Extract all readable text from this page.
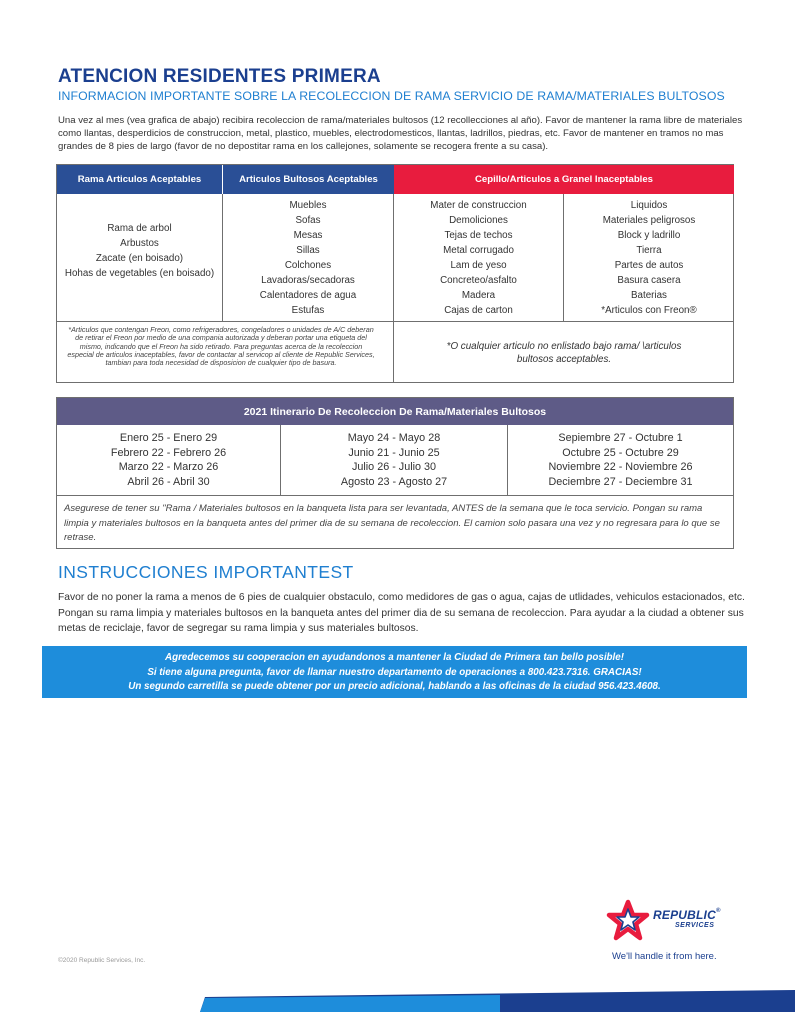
ATENCION RESIDENTES PRIMERA
INFORMACION IMPORTANTE SOBRE LA RECOLECCION DE RAMA SERVICIO DE RAMA/MATERIALES BULTOSOS

Una vez al mes (vea grafica de abajo) recibira recoleccion de rama/materiales bultosos (12 recollecciones al año). Favor de mantener la rama libre de materiales como llantas, desperdicios de construccion, metal, plastico, muebles, electrodomesticos, llantas, ladrillos, piedras, etc. Favor de mantener en tramos no mas grandes de 8 pies de largo (favor de no depostitar rama en los callejones, solamente se recogera frente a su casa).

Rama Articulos Aceptables	Articulos Bultosos Aceptables	Cepillo/Articulos a Granel Inaceptables
Rama de arbol
Arbustos
Zacate (en boisado)
Hohas de vegetables (en boisado)
Muebles
Sofas
Mesas
Sillas
Colchones
Lavadoras/secadoras
Calentadores de agua
Estufas
Mater de construccion
Demoliciones
Tejas de techos
Metal corrugado
Lam de yeso
Concreteo/asfalto
Madera
Cajas de carton
Liquidos
Materiales peligrosos
Block y ladrillo
Tierra
Partes de autos
Basura casera
Baterias
*Articulos con Freon®
*Articulos que contengan Freon, como refrigeradores, congeladores o unidades de A/C deberan de retirar el Freon por medio de una compania autorizada y deberan portar una etiqueta del mismo, indicando que el Freon ha sido retirado. Para preguntas acerca de la recoleccion especial de articulos inaceptables, favor de contactar al servicop al cliente de Republic Services, tambian para toda necesidad de disposicion de cualquier tipo de basura.
*O cualquier articulo no enlistado bajo rama/ \articulos bultosos acceptables.
2021 Itinerario De Recoleccion De Rama/Materiales Bultosos
Enero 25 - Enero 29
Febrero 22 - Febrero 26
Marzo 22 - Marzo 26
Abril 26 - Abril 30
Mayo 24 - Mayo 28
Junio 21 - Junio 25
Julio 26 - Julio 30
Agosto 23 - Agosto 27
Sepiembre 27 - Octubre 1
Octubre 25 - Octubre 29
Noviembre 22 - Noviembre 26
Deciembre 27 - Deciembre 31

Asegurese de tener su "Rama / Materiales bultosos en la banqueta lista para ser levantada, ANTES de la semana que le toca servicio. Pongan su rama limpia y materiales bultosos en la banqueta antes del primer dia de su semana de recoleccion. El camion solo pasara una vez y no regresara para lo que se retrase.

INSTRUCCIONES IMPORTANTEST

Favor de no poner la rama a menos de 6 pies de cualquier obstaculo, como medidores de gas o agua, cajas de utlidades, vehiculos estacionados, etc. Pongan su rama limpia y materiales bultosos en la banqueta antes del primer dia de su semana de recoleccion. Para ayudar a la ciudad a obtener sus metas de reciclaje, favor de segregar su rama limpia y sus materiales bultosos.

Agredecemos su cooperacion en ayudandonos a mantener la Ciudad de Primera tan bello posible!
Si tiene alguna pregunta, favor de llamar nuestro departamento de operaciones a 800.423.7316. GRACIAS!
Un segundo carretilla se puede obtener por un precio adicional, hablando a las oficinas de la ciudad 956.423.4608.
REPUBLIC®
SERVICES
We'll handle it from here.
©2020 Republic Services, Inc.
